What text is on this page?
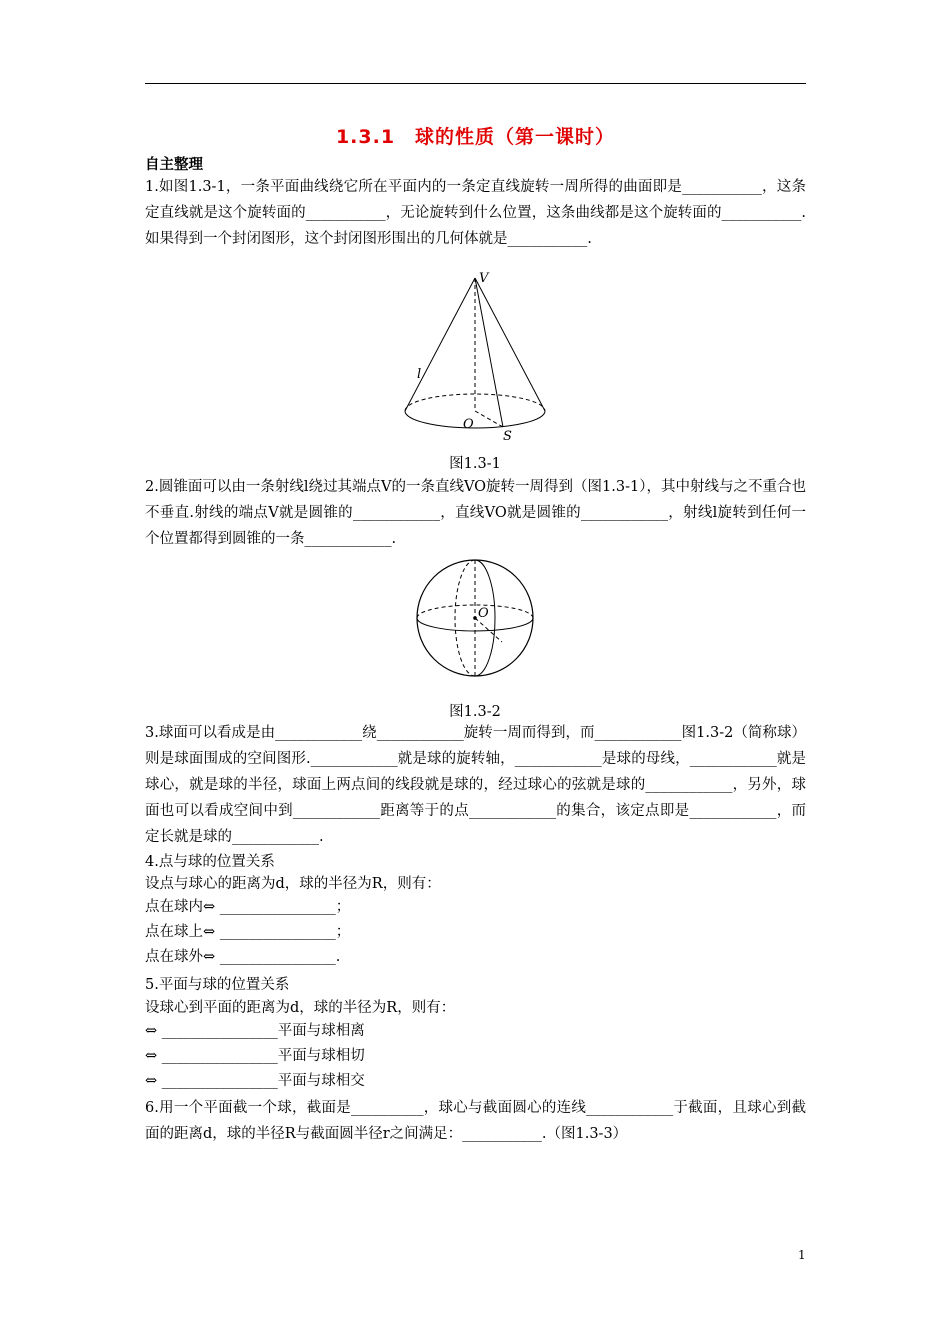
1.3.1　球的性质（第一课时）
自主整理
1.如图1.3-1，一条平面曲线绕它所在平面内的一条定直线旋转一周所得的曲面即是___________，这条定直线就是这个旋转面的___________，无论旋转到什么位置，这条曲线都是这个旋转面的___________.如果得到一个封闭图形，这个封闭图形围出的几何体就是___________.
V
l
O
S
图1.3-1
2.圆锥面可以由一条射线l绕过其端点V的一条直线VO旋转一周得到（图1.3-1），其中射线与之不重合也不垂直.射线的端点V就是圆锥的____________，直线VO就是圆锥的____________，射线l旋转到任何一个位置都得到圆锥的一条____________.
O
图1.3-2
3.球面可以看成是由____________绕____________旋转一周而得到，而____________图1.3-2（简称球）则是球面围成的空间图形.____________就是球的旋转轴，____________是球的母线，____________就是球心，就是球的半径，球面上两点间的线段就是球的，经过球心的弦就是球的____________，另外，球面也可以看成空间中到____________距离等于的点____________的集合，该定点即是____________，而定长就是球的____________.
4.点与球的位置关系
设点与球心的距离为d，球的半径为R，则有：
点在球内⇔ ________________；
点在球上⇔ ________________；
点在球外⇔ ________________.
5.平面与球的位置关系
设球心到平面的距离为d，球的半径为R，则有：
⇔ ________________平面与球相离
⇔ ________________平面与球相切
⇔ ________________平面与球相交
6.用一个平面截一个球，截面是__________，球心与截面圆心的连线____________于截面，且球心到截面的距离d，球的半径R与截面圆半径r之间满足：___________.（图1.3-3）
1
